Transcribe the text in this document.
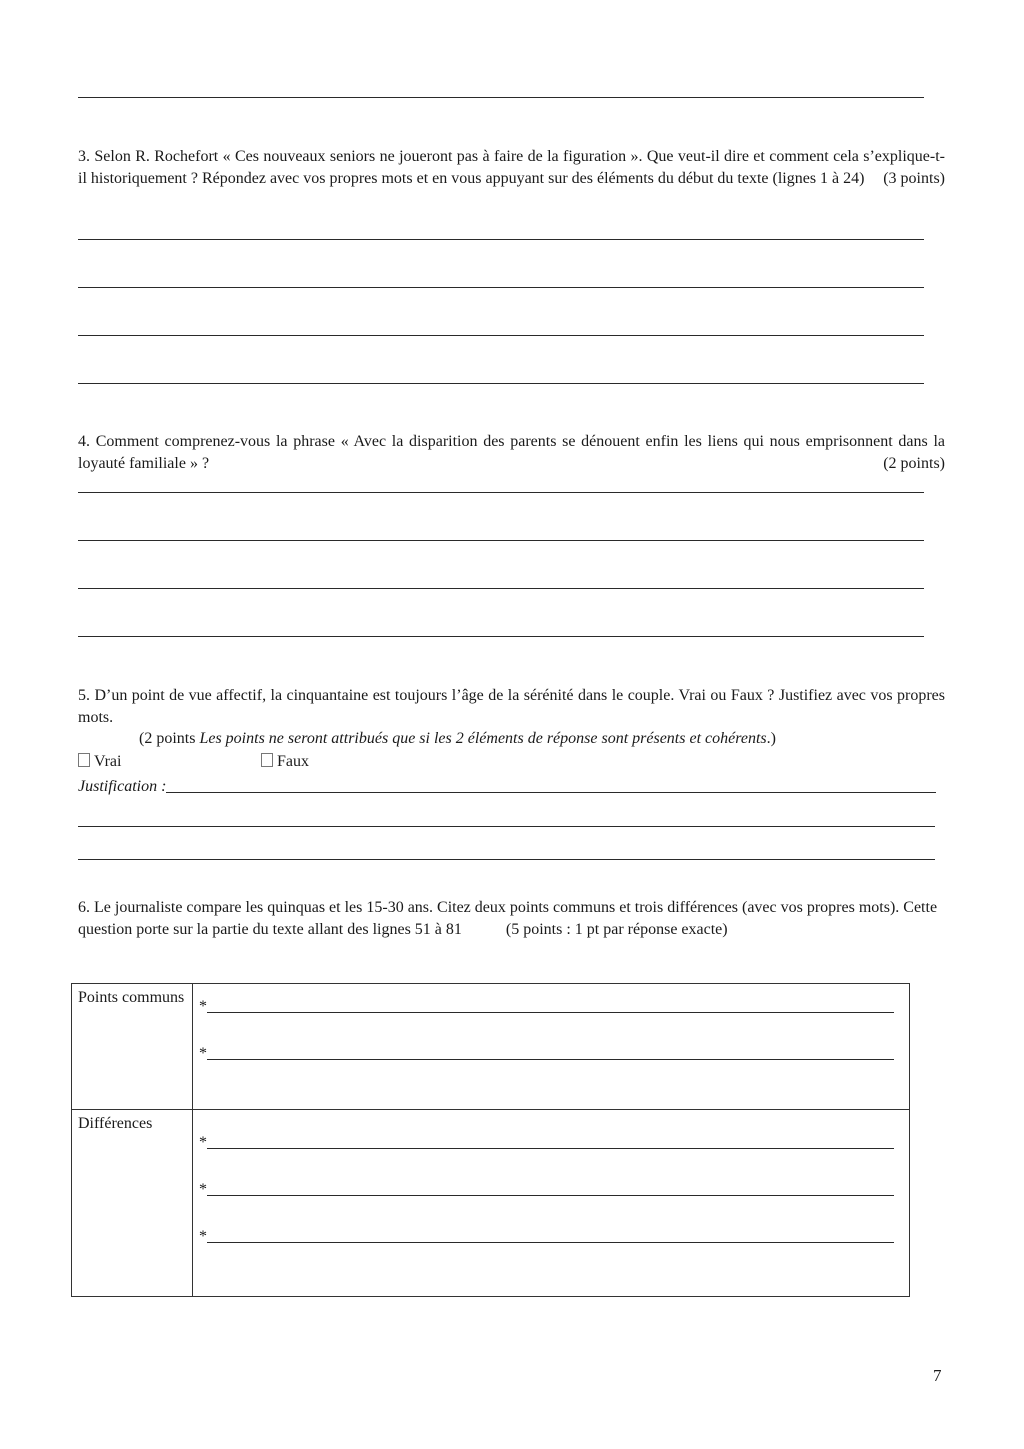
3. Selon R. Rochefort « Ces nouveaux seniors ne joueront pas à faire de la figuration ». Que veut-il dire et comment cela s’explique-t-il historiquement ? Répondez avec vos propres mots et en vous appuyant sur des éléments du début du texte (lignes 1 à 24) (3 points)

4. Comment comprenez-vous la phrase « Avec la disparition des parents se dénouent enfin les liens qui nous emprisonnent dans la loyauté familiale » ?	(2 points)

5. D’un point de vue affectif, la cinquantaine est toujours l’âge de la sérénité dans le couple. Vrai ou Faux ? Justifiez avec vos propres mots.

(2 points Les points ne seront attribués que si les 2 éléments de réponse sont présents et cohérents.)
Vrai	Faux
Justification :

6. Le journaliste compare les quinquas et les 15-30 ans. Citez deux points communs et trois différences (avec vos propres mots). Cette question porte sur la partie du texte allant des lignes 51 à 81	(5 points : 1 pt par réponse exacte)

Points communs	*
*

Différences	*
*
*
7
